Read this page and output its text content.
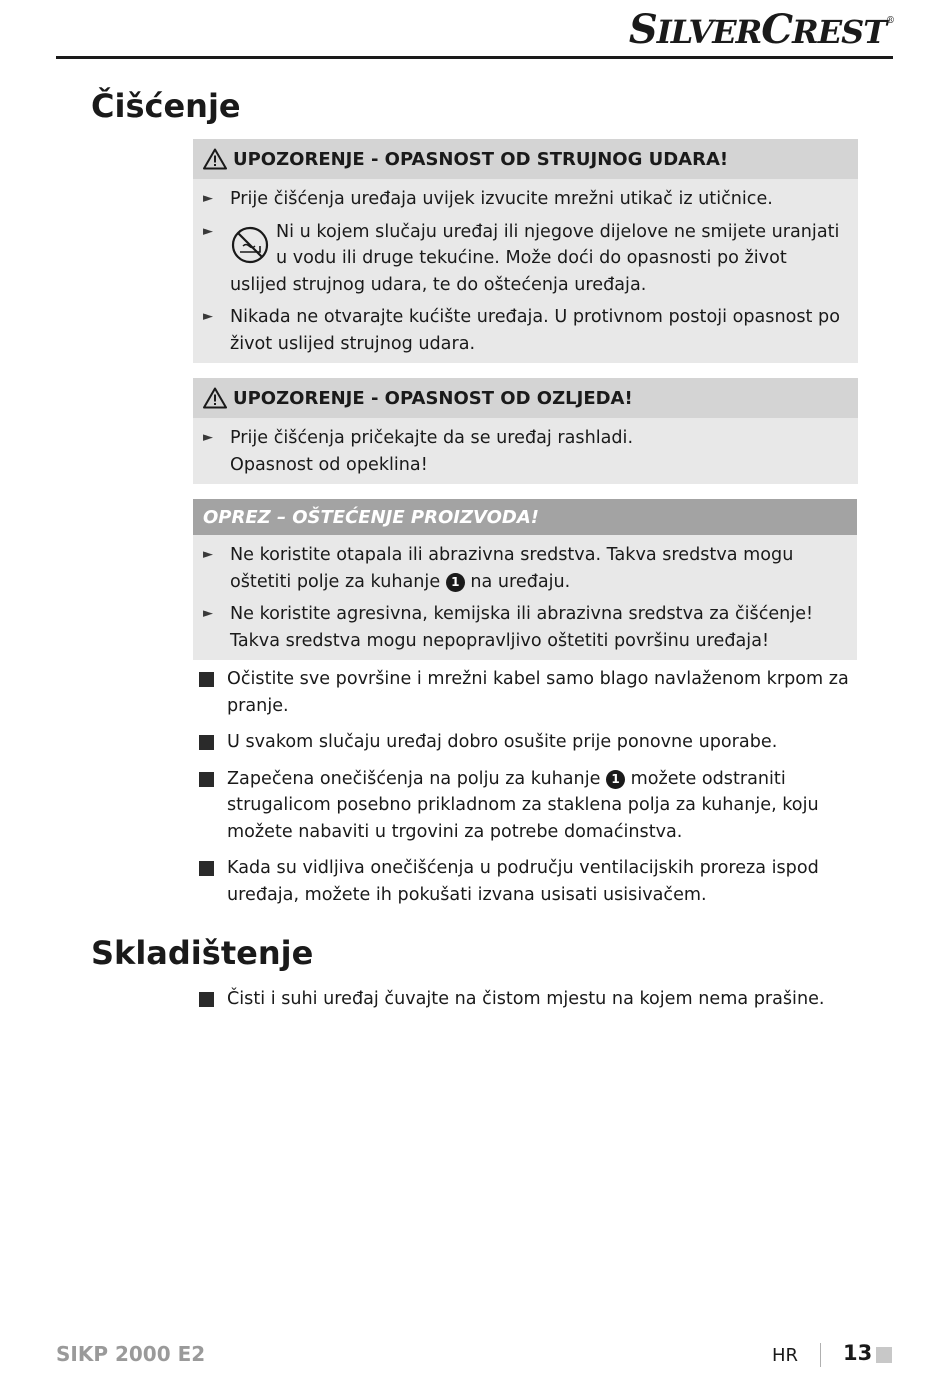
SILVERCREST®
Čišćenje
UPOZORENJE - OPASNOST OD STRUJNOG UDARA!
► Prije čišćenja uređaja uvijek izvucite mrežni utikač iz utičnice.
►	Ni u kojem slučaju uređaj ili njegove dijelove ne smijete uranjati u vodu ili druge tekućine. Može doći do opasnosti po život uslijed strujnog udara, te do oštećenja uređaja.
► Nikada ne otvarajte kućište uređaja. U protivnom postoji opasnost po život uslijed strujnog udara.
UPOZORENJE - OPASNOST OD OZLJEDA!
► Prije čišćenja pričekajte da se uređaj rashladi.
Opasnost od opeklina!
OPREZ – OŠTEĆENJE PROIZVODA!
► Ne koristite otapala ili abrazivna sredstva. Takva sredstva mogu oštetiti polje za kuhanje 1 na uređaju.
► Ne koristite agresivna, kemijska ili abrazivna sredstva za čišćenje! Takva sredstva mogu nepopravljivo oštetiti površinu uređaja!
Očistite sve površine i mrežni kabel samo blago navlaženom krpom za pranje.
U svakom slučaju uređaj dobro osušite prije ponovne uporabe.
Zapečena onečišćenja na polju za kuhanje 1 možete odstraniti strugalicom posebno prikladnom za staklena polja za kuhanje, koju možete nabaviti u trgovini za potrebe domaćinstva.
Kada su vidljiva onečišćenja u području ventilacijskih proreza ispod uređaja, možete ih pokušati izvana usisati usisivačem.
Skladištenje
Čisti i suhi uređaj čuvajte na čistom mjestu na kojem nema prašine.
SIKP 2000 E2	HR 13
